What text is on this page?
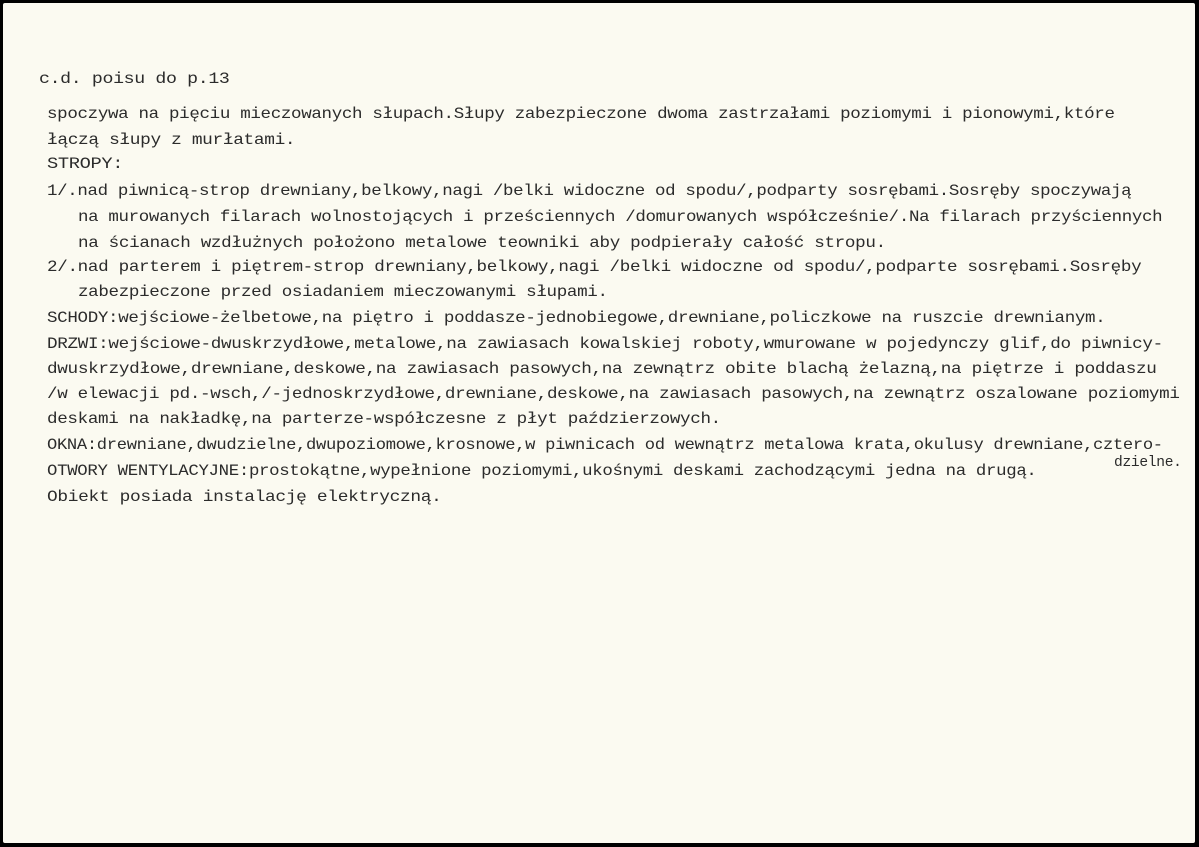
c.d. poisu do p.13
spoczywa na pięciu mieczowanych słupach.Słupy zabezpieczone dwoma zastrzałami poziomymi i pionowymi,które
łączą słupy z murłatami.
STROPY:
1/.nad piwnicą-strop drewniany,belkowy,nagi /belki widoczne od spodu/,podparty sosrębami.Sosręby spoczywają
na murowanych filarach wolnostojących i prześciennych /domurowanych współcześnie/.Na filarach przyściennych
na ścianach wzdłużnych położono metalowe teowniki aby podpierały całość stropu.
2/.nad parterem i piętrem-strop drewniany,belkowy,nagi /belki widoczne od spodu/,podparte sosrębami.Sosręby
zabezpieczone przed osiadaniem mieczowanymi słupami.
SCHODY:wejściowe-żelbetowe,na piętro i poddasze-jednobiegowe,drewniane,policzkowe na ruszcie drewnianym.
DRZWI:wejściowe-dwuskrzydłowe,metalowe,na zawiasach kowalskiej roboty,wmurowane w pojedynczy glif,do piwnicy-
dwuskrzydłowe,drewniane,deskowe,na zawiasach pasowych,na zewnątrz obite blachą żelazną,na piętrze i poddaszu
/w elewacji pd.-wsch,/-jednoskrzydłowe,drewniane,deskowe,na zawiasach pasowych,na zewnątrz oszalowane poziomymi
deskami na nakładkę,na parterze-współczesne z płyt paździerzowych.
OKNA:drewniane,dwudzielne,dwupoziomowe,krosnowe,w piwnicach od wewnątrz metalowa krata,okulusy drewniane,cztero-
dzielne.
OTWORY WENTYLACYJNE:prostokątne,wypełnione poziomymi,ukośnymi deskami zachodzącymi jedna na drugą.
Obiekt posiada instalację elektryczną.
